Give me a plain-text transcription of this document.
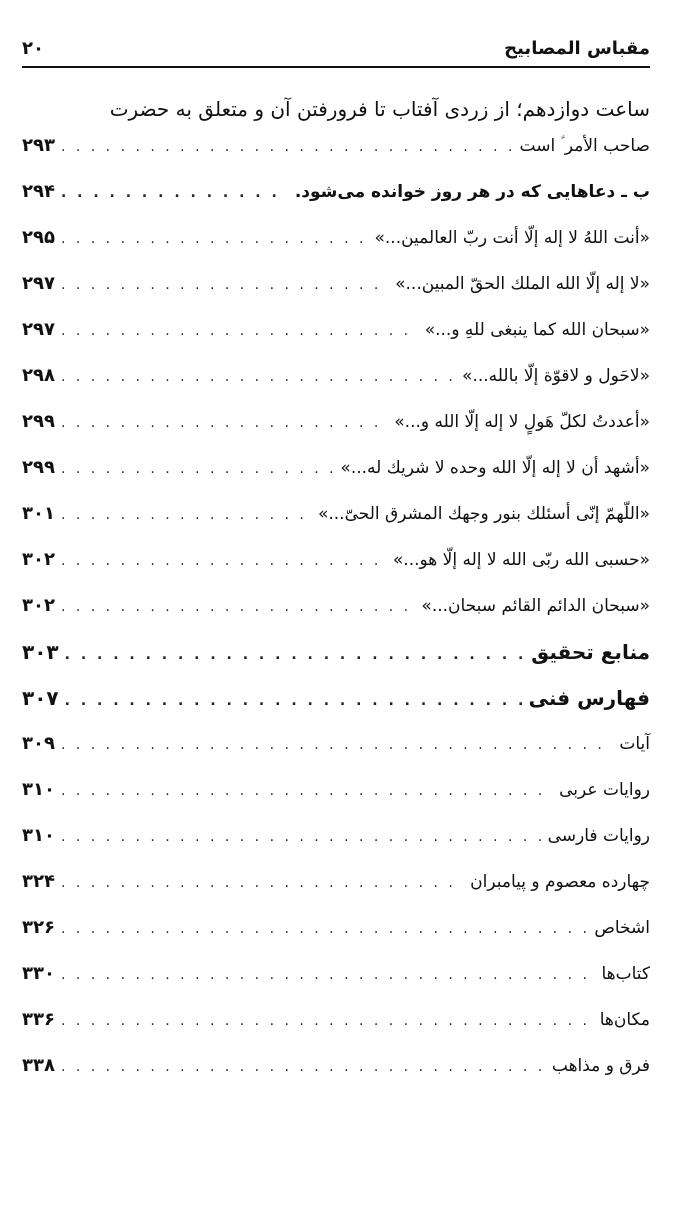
۲۰	مقباس المصابیح
ساعت دوازدهم؛ از زردی آفتاب تا فرورفتن آن و متعلق به حضرت
صاحب الأمر ؑ است
. . .
۲۹۳
ب ـ دعاهایی که در هر روز خوانده می‌شود.
. . .
۲۹۴
«أنت اللهُ لا إله إلّا أنت ربّ العالمین...»
. . .
۲۹۵
«لا إله إلّا الله الملك الحقّ المبین...»
. . .
۲۹۷
«سبحان الله کما ینبغی للهِ و...»
. . .
۲۹۷
«لاحَول و لاقوّة إلّا بالله...»
. . .
۲۹۸
«أعددتُ لکلّ هَولٍ لا إله إلّا الله و...»
. . .
۲۹۹
«أشهد أن لا إله إلّا الله وحده لا شریك له...»
. . .
۲۹۹
«اللّهمّ إنّی أسئلك بنور وجهك المشرق الحیّ...»
. . .
۳۰۱
«حسبی الله ربّی الله لا إله إلّا هو...»
. . .
۳۰۲
«سبحان الدائم القائم سبحان...»
. . .
۳۰۲
منابع تحقیق
. . .
۳۰۳
فهارس فنی
. . .
۳۰۷
آیات
. . .
۳۰۹
روایات عربی
. . .
۳۱۰
روایات فارسی
. . .
۳۱۰
چهارده معصوم و پیامبران
. . .
۳۲۴
اشخاص
. . .
۳۲۶
کتاب‌ها
. . .
۳۳۰
مکان‌ها
. . .
۳۳۶
فرق و مذاهب
. . .
۳۳۸
